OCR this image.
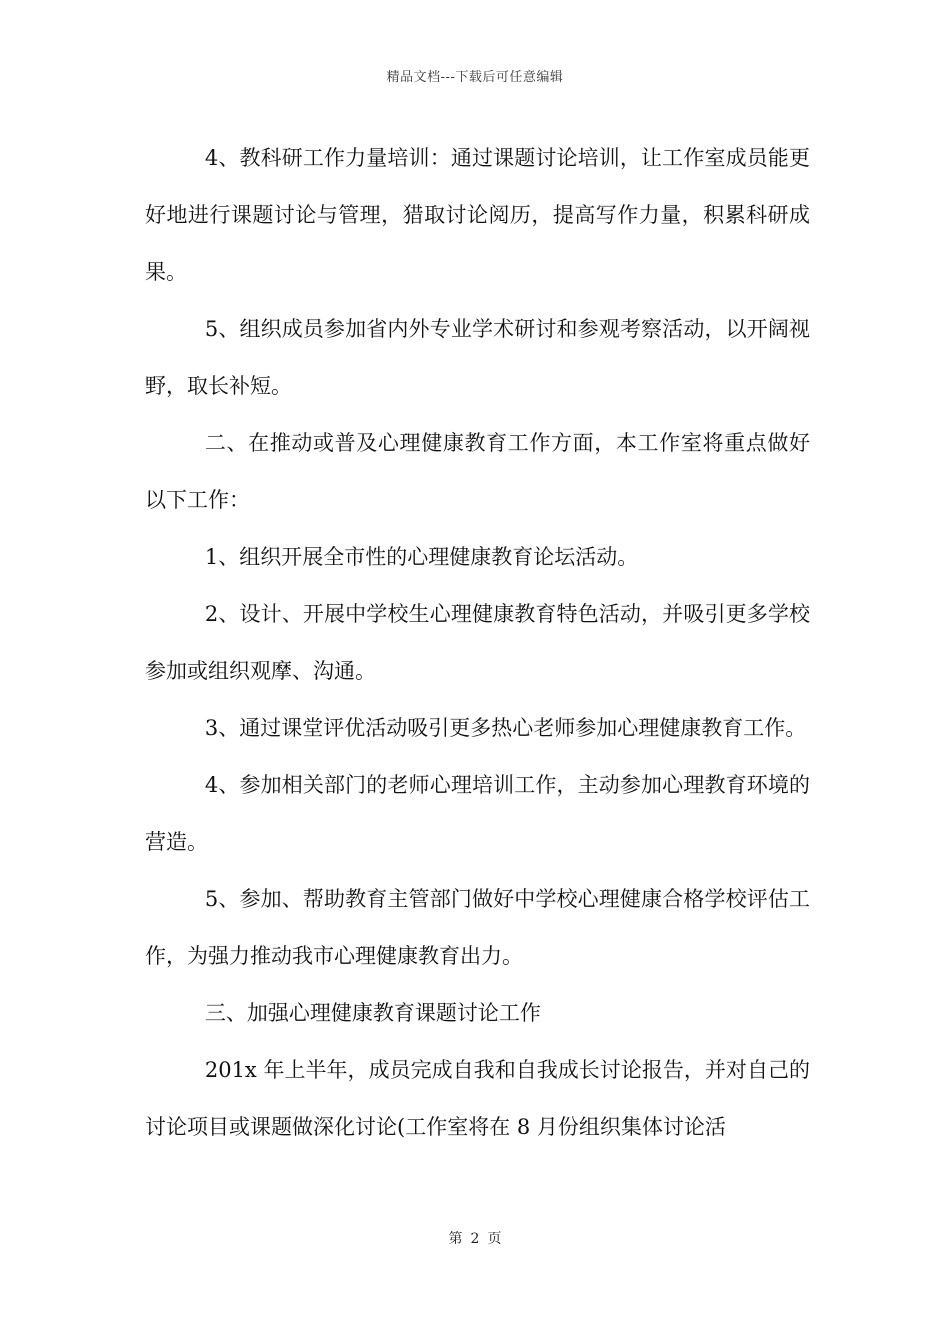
精品文档---下载后可任意编辑

4、教科研工作力量培训：通过课题讨论培训，让工作室成员能更好地进行课题讨论与管理，猎取讨论阅历，提高写作力量，积累科研成果。

5、组织成员参加省内外专业学术研讨和参观考察活动，以开阔视野，取长补短。

二、在推动或普及心理健康教育工作方面，本工作室将重点做好以下工作：

1、组织开展全市性的心理健康教育论坛活动。

2、设计、开展中学校生心理健康教育特色活动，并吸引更多学校参加或组织观摩、沟通。

3、通过课堂评优活动吸引更多热心老师参加心理健康教育工作。

4、参加相关部门的老师心理培训工作，主动参加心理教育环境的营造。

5、参加、帮助教育主管部门做好中学校心理健康合格学校评估工作，为强力推动我市心理健康教育出力。

三、加强心理健康教育课题讨论工作

201x 年上半年，成员完成自我和自我成长讨论报告，并对自己的讨论项目或课题做深化讨论(工作室将在 8 月份组织集体讨论活

第 2 页
